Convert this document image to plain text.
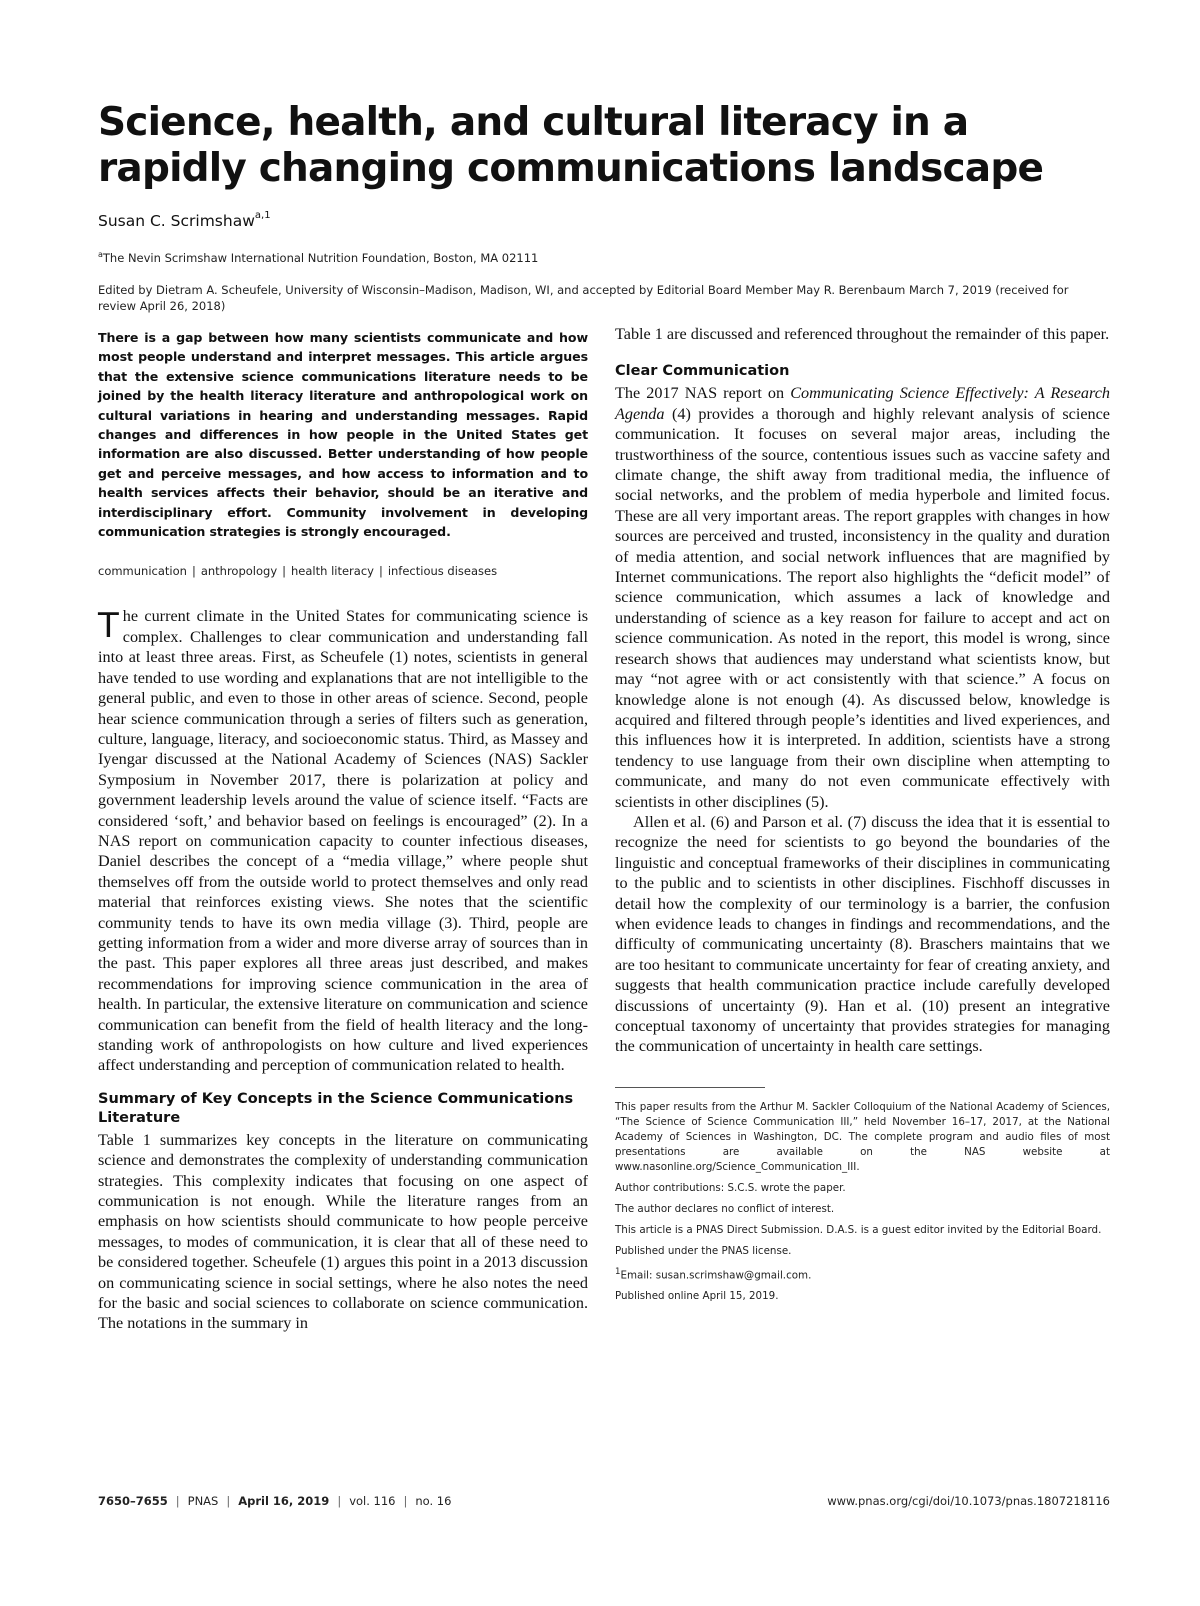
Science, health, and cultural literacy in a rapidly changing communications landscape
Susan C. Scrimshaw$^{a,1}$
$^a$The Nevin Scrimshaw International Nutrition Foundation, Boston, MA 02111
Edited by Dietram A. Scheufele, University of Wisconsin–Madison, Madison, WI, and accepted by Editorial Board Member May R. Berenbaum March 7, 2019 (received for review April 26, 2018)

There is a gap between how many scientists communicate and how most people understand and interpret messages. This article argues that the extensive science communications literature needs to be joined by the health literacy literature and anthropological work on cultural variations in hearing and understanding messages. Rapid changes and differences in how people in the United States get information are also discussed. Better understanding of how people get and perceive messages, and how access to information and to health services affects their behavior, should be an iterative and interdisciplinary effort. Community involvement in developing communication strategies is strongly encouraged.

communication | anthropology | health literacy | infectious diseases

The current climate in the United States for communicating science is complex. Challenges to clear communication and understanding fall into at least three areas. First, as Scheufele (1) notes, scientists in general have tended to use wording and explanations that are not intelligible to the general public, and even to those in other areas of science. Second, people hear science communication through a series of filters such as generation, culture, language, literacy, and socioeconomic status. Third, as Massey and Iyengar discussed at the National Academy of Sciences (NAS) Sackler Symposium in November 2017, there is polarization at policy and government leadership levels around the value of science itself. “Facts are considered ‘soft,’ and behavior based on feelings is encouraged” (2). In a NAS report on communication capacity to counter infectious diseases, Daniel describes the concept of a “media village,” where people shut themselves off from the outside world to protect themselves and only read material that reinforces existing views. She notes that the scientific community tends to have its own media village (3). Third, people are getting information from a wider and more diverse array of sources than in the past. This paper explores all three areas just described, and makes recommendations for improving science communication in the area of health. In particular, the extensive literature on communication and science communication can benefit from the field of health literacy and the long-standing work of anthropologists on how culture and lived experiences affect understanding and perception of communication related to health.

Summary of Key Concepts in the Science Communications Literature

Table 1 summarizes key concepts in the literature on communicating science and demonstrates the complexity of understanding communication strategies. This complexity indicates that focusing on one aspect of communication is not enough. While the literature ranges from an emphasis on how scientists should communicate to how people perceive messages, to modes of communication, it is clear that all of these need to be considered together. Scheufele (1) argues this point in a 2013 discussion on communicating science in social settings, where he also notes the need for the basic and social sciences to collaborate on science communication. The notations in the summary in

Table 1 are discussed and referenced throughout the remainder of this paper.

Clear Communication

The 2017 NAS report on Communicating Science Effectively: A Research Agenda (4) provides a thorough and highly relevant analysis of science communication. It focuses on several major areas, including the trustworthiness of the source, contentious issues such as vaccine safety and climate change, the shift away from traditional media, the influence of social networks, and the problem of media hyperbole and limited focus. These are all very important areas. The report grapples with changes in how sources are perceived and trusted, inconsistency in the quality and duration of media attention, and social network influences that are magnified by Internet communications. The report also highlights the “deficit model” of science communication, which assumes a lack of knowledge and understanding of science as a key reason for failure to accept and act on science communication. As noted in the report, this model is wrong, since research shows that audiences may understand what scientists know, but may “not agree with or act consistently with that science.” A focus on knowledge alone is not enough (4). As discussed below, knowledge is acquired and filtered through people’s identities and lived experiences, and this influences how it is interpreted. In addition, scientists have a strong tendency to use language from their own discipline when attempting to communicate, and many do not even communicate effectively with scientists in other disciplines (5).

Allen et al. (6) and Parson et al. (7) discuss the idea that it is essential to recognize the need for scientists to go beyond the boundaries of the linguistic and conceptual frameworks of their disciplines in communicating to the public and to scientists in other disciplines. Fischhoff discusses in detail how the complexity of our terminology is a barrier, the confusion when evidence leads to changes in findings and recommendations, and the difficulty of communicating uncertainty (8). Braschers maintains that we are too hesitant to communicate uncertainty for fear of creating anxiety, and suggests that health communication practice include carefully developed discussions of uncertainty (9). Han et al. (10) present an integrative conceptual taxonomy of uncertainty that provides strategies for managing the communication of uncertainty in health care settings.

This paper results from the Arthur M. Sackler Colloquium of the National Academy of Sciences, “The Science of Science Communication III,” held November 16–17, 2017, at the National Academy of Sciences in Washington, DC. The complete program and audio files of most presentations are available on the NAS website at www.nasonline.org/Science_Communication_III.

Author contributions: S.C.S. wrote the paper.

The author declares no conflict of interest.

This article is a PNAS Direct Submission. D.A.S. is a guest editor invited by the Editorial Board.

Published under the PNAS license.

$^1$Email: susan.scrimshaw@gmail.com.

Published online April 15, 2019.

7650–7655 | PNAS | April 16, 2019 | vol. 116 | no. 16	www.pnas.org/cgi/doi/10.1073/pnas.1807218116
